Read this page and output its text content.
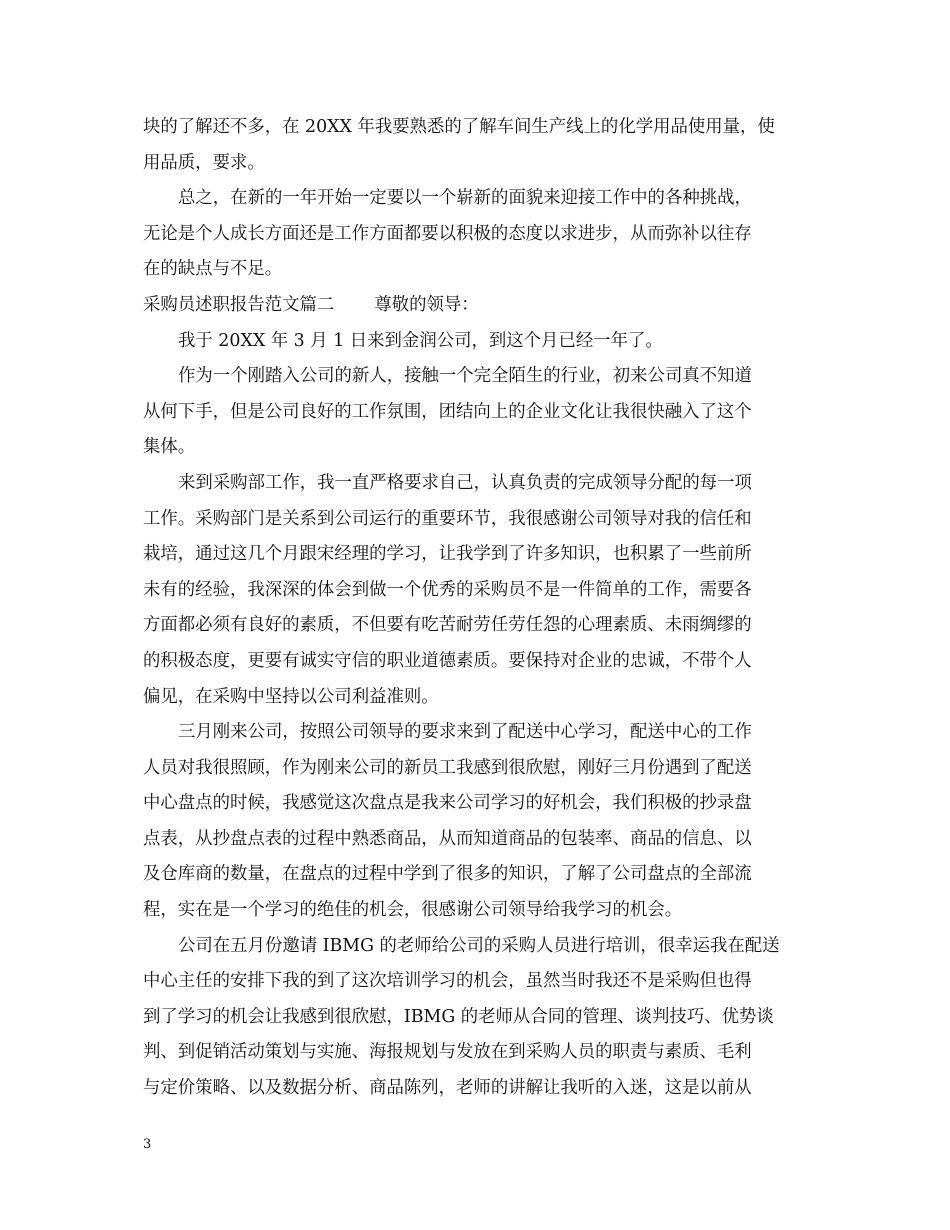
块的了解还不多，在 20XX 年我要熟悉的了解车间生产线上的化学用品使用量，使
用品质，要求。
总之，在新的一年开始一定要以一个崭新的面貌来迎接工作中的各种挑战，
无论是个人成长方面还是工作方面都要以积极的态度以求进步，从而弥补以往存
在的缺点与不足。
采购员述职报告范文篇二 尊敬的领导：
我于 20XX 年 3 月 1 日来到金润公司，到这个月已经一年了。
作为一个刚踏入公司的新人，接触一个完全陌生的行业，初来公司真不知道
从何下手，但是公司良好的工作氛围，团结向上的企业文化让我很快融入了这个
集体。
来到采购部工作，我一直严格要求自己，认真负责的完成领导分配的每一项
工作。采购部门是关系到公司运行的重要环节，我很感谢公司领导对我的信任和
栽培，通过这几个月跟宋经理的学习，让我学到了许多知识，也积累了一些前所
未有的经验，我深深的体会到做一个优秀的采购员不是一件简单的工作，需要各
方面都必须有良好的素质，不但要有吃苦耐劳任劳任怨的心理素质、未雨绸缪的
的积极态度，更要有诚实守信的职业道德素质。要保持对企业的忠诚，不带个人
偏见，在采购中坚持以公司利益准则。
三月刚来公司，按照公司领导的要求来到了配送中心学习，配送中心的工作
人员对我很照顾，作为刚来公司的新员工我感到很欣慰，刚好三月份遇到了配送
中心盘点的时候，我感觉这次盘点是我来公司学习的好机会，我们积极的抄录盘
点表，从抄盘点表的过程中熟悉商品，从而知道商品的包装率、商品的信息、以
及仓库商的数量，在盘点的过程中学到了很多的知识，了解了公司盘点的全部流
程，实在是一个学习的绝佳的机会，很感谢公司领导给我学习的机会。
公司在五月份邀请 IBMG 的老师给公司的采购人员进行培训，很幸运我在配送
中心主任的安排下我的到了这次培训学习的机会，虽然当时我还不是采购但也得
到了学习的机会让我感到很欣慰，IBMG 的老师从合同的管理、谈判技巧、优势谈
判、到促销活动策划与实施、海报规划与发放在到采购人员的职责与素质、毛利
与定价策略、以及数据分析、商品陈列，老师的讲解让我听的入迷，这是以前从
3
